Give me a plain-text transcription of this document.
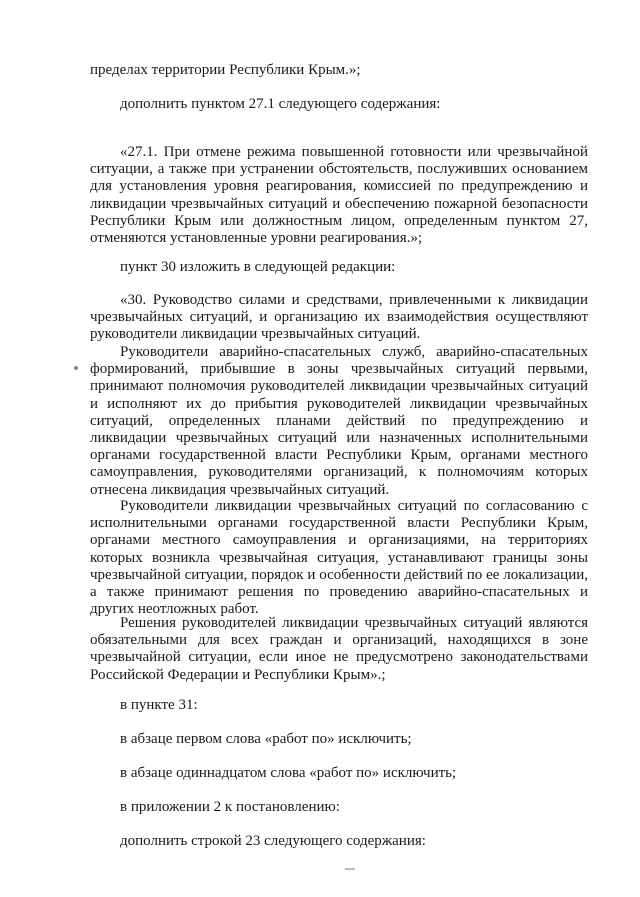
пределах территории Республики Крым.»;

дополнить пунктом 27.1 следующего содержания:

«27.1. При отмене режима повышенной готовности или чрезвычайной ситуации, а также при устранении обстоятельств, послуживших основанием для установления уровня реагирования, комиссией по предупреждению и ликвидации чрезвычайных ситуаций и обеспечению пожарной безопасности Республики Крым или должностным лицом, определенным пунктом 27, отменяются установленные уровни реагирования.»;

пункт 30 изложить в следующей редакции:

«30. Руководство силами и средствами, привлеченными к ликвидации чрезвычайных ситуаций, и организацию их взаимодействия осуществляют руководители ликвидации чрезвычайных ситуаций.

Руководители аварийно-спасательных служб, аварийно-спасательных формирований, прибывшие в зоны чрезвычайных ситуаций первыми, принимают полномочия руководителей ликвидации чрезвычайных ситуаций и исполняют их до прибытия руководителей ликвидации чрезвычайных ситуаций, определенных планами действий по предупреждению и ликвидации чрезвычайных ситуаций или назначенных исполнительными органами государственной власти Республики Крым, органами местного самоуправления, руководителями организаций, к полномочиям которых отнесена ликвидация чрезвычайных ситуаций.

Руководители ликвидации чрезвычайных ситуаций по согласованию с исполнительными органами государственной власти Республики Крым, органами местного самоуправления и организациями, на территориях которых возникла чрезвычайная ситуация, устанавливают границы зоны чрезвычайной ситуации, порядок и особенности действий по ее локализации, а также принимают решения по проведению аварийно-спасательных и других неотложных работ.

Решения руководителей ликвидации чрезвычайных ситуаций являются обязательными для всех граждан и организаций, находящихся в зоне чрезвычайной ситуации, если иное не предусмотрено законодательствами Российской Федерации и Республики Крым».;

в пункте 31:

в абзаце первом слова «работ по» исключить;

в абзаце одиннадцатом слова «работ по» исключить;

в приложении 2 к постановлению:

дополнить строкой 23 следующего содержания:
